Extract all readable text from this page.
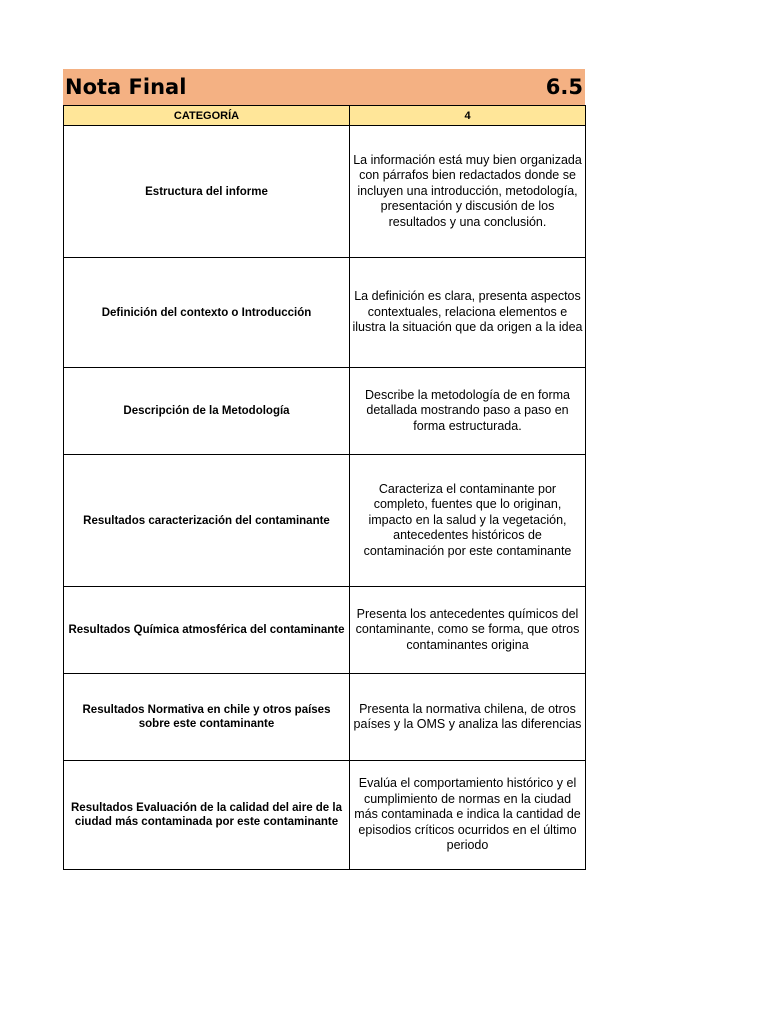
Nota Final	6.5
CATEGORÍA	4
Estructura del informe	La información está muy bien organizada con párrafos bien redactados donde se incluyen una introducción, metodología, presentación y discusión de los resultados y una conclusión.
Definición del contexto o Introducción	La definición es clara, presenta aspectos contextuales, relaciona elementos e ilustra la situación que da origen a la idea
Descripción de la Metodología	Describe la metodología de en forma detallada mostrando paso a paso en forma estructurada.
Resultados caracterización del contaminante	Caracteriza el contaminante por completo, fuentes que lo originan, impacto en la salud y la vegetación, antecedentes históricos de contaminación por este contaminante
Resultados Química atmosférica del contaminante	Presenta los antecedentes químicos del contaminante, como se forma, que otros contaminantes origina
Resultados Normativa en chile y otros países sobre este contaminante	Presenta la normativa chilena, de otros países y la OMS y analiza las diferencias
Resultados Evaluación de la calidad del aire de la ciudad más contaminada por este contaminante	Evalúa el comportamiento histórico y el cumplimiento de normas en la ciudad más contaminada e indica la cantidad de episodios críticos ocurridos en el último periodo
